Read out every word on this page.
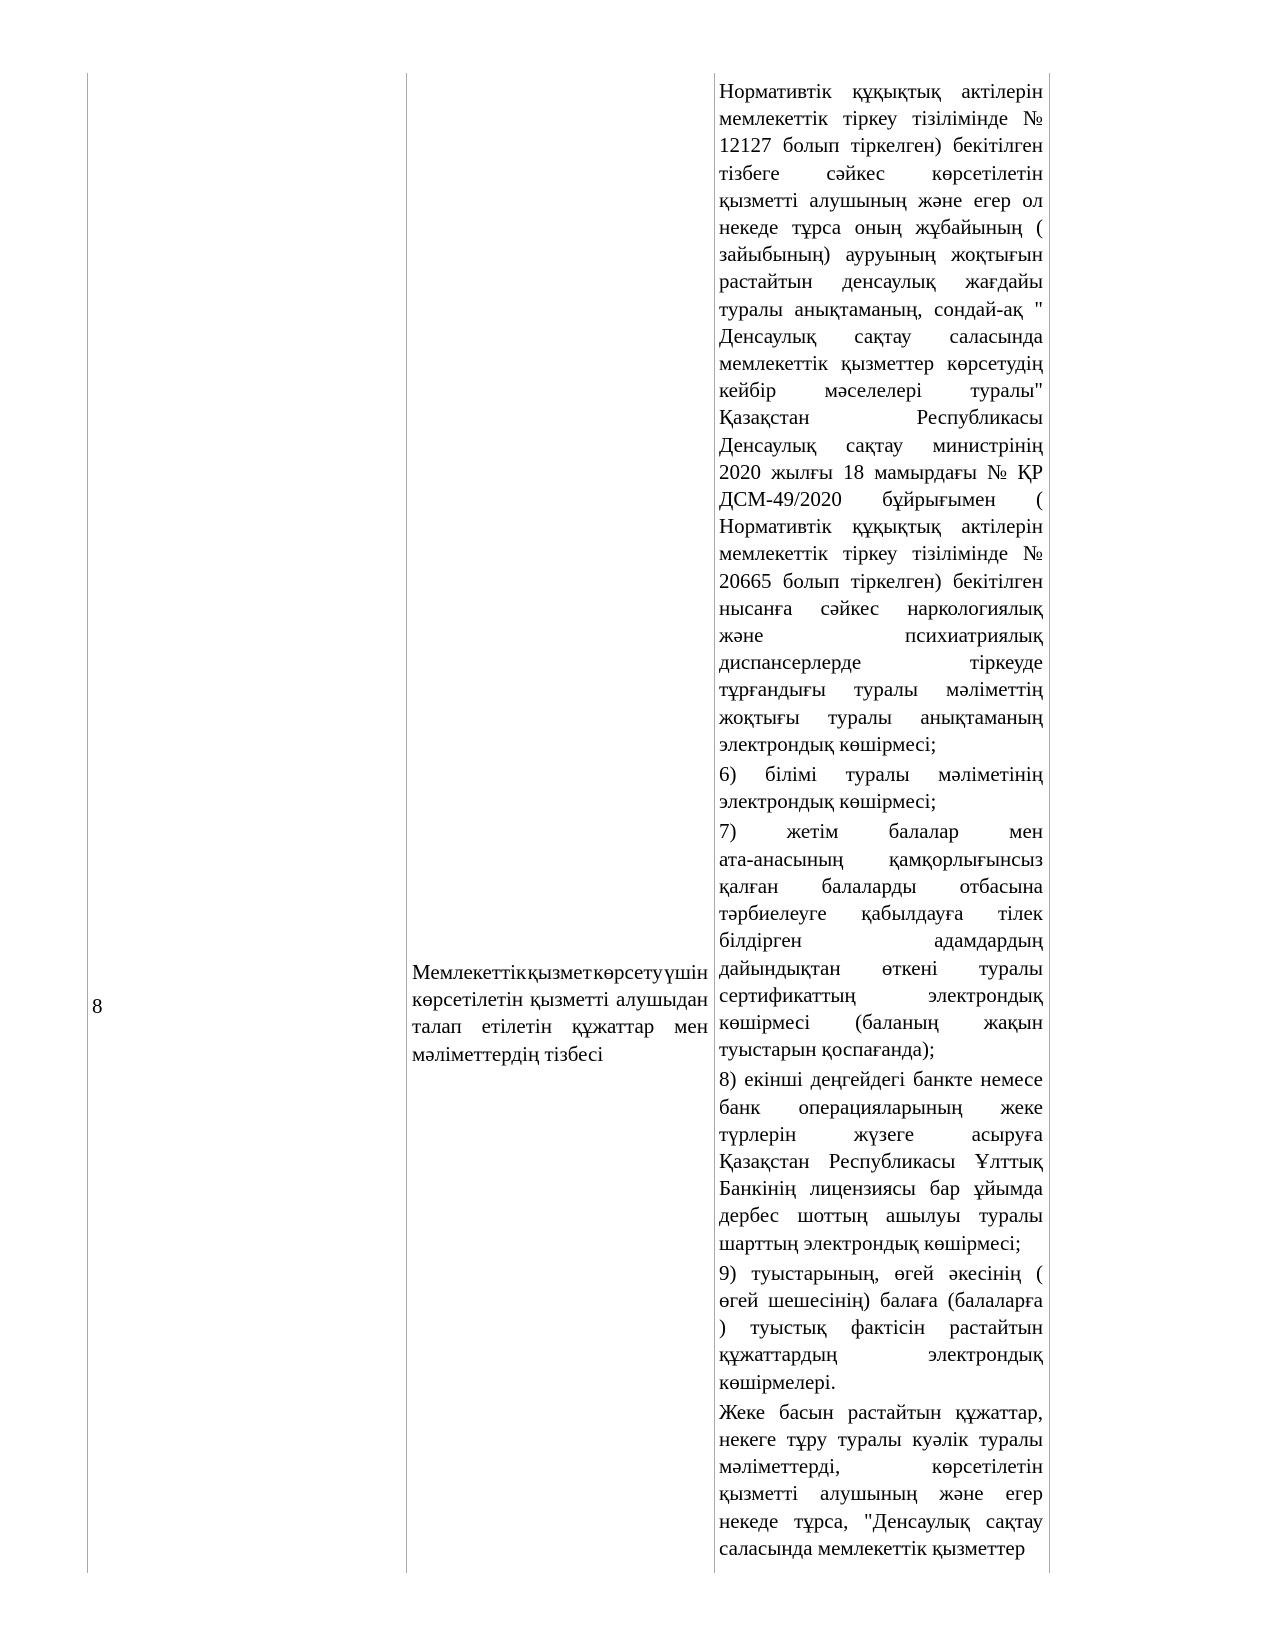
8
Мемлекеттік қызмет көрсету үшін
көрсетілетін қызметті алушыдан
талап етілетін құжаттар мен
мәліметтердің тізбесі
Нормативтік құқықтық актілерін
мемлекеттік тіркеу тізілімінде №
12127 болып тіркелген) бекітілген
тізбеге сәйкес көрсетілетін
қызметті алушының және егер ол
некеде тұрса оның жұбайының (
зайыбының) ауруының жоқтығын
растайтын денсаулық жағдайы
туралы анықтаманың, сондай-ақ "
Денсаулық сақтау саласында
мемлекеттік қызметтер көрсетудің
кейбір мәселелері туралы"
Қазақстан Республикасы
Денсаулық сақтау министрінің
2020 жылғы 18 мамырдағы № ҚР
ДСМ-49/2020 бұйрығымен (
Нормативтік құқықтық актілерін
мемлекеттік тіркеу тізілімінде №
20665 болып тіркелген) бекітілген
нысанға сәйкес наркологиялық
және психиатриялық
диспансерлерде тіркеуде
тұрғандығы туралы мәліметтің
жоқтығы туралы анықтаманың
электрондық көшірмесі;
6) білімі туралы мәліметінің
электрондық көшірмесі;
7) жетім балалар мен
ата-анасының қамқорлығынсыз
қалған балаларды отбасына
тәрбиелеуге қабылдауға тілек
білдірген адамдардың
дайындықтан өткені туралы
сертификаттың электрондық
көшірмесі (баланың жақын
туыстарын қоспағанда);
8) екінші деңгейдегі банкте немесе
банк операцияларының жеке
түрлерін жүзеге асыруға
Қазақстан Республикасы Ұлттық
Банкінің лицензиясы бар ұйымда
дербес шоттың ашылуы туралы
шарттың электрондық көшірмесі;
9) туыстарының, өгей әкесінің (
өгей шешесінің) балаға (балаларға
) туыстық фактісін растайтын
құжаттардың электрондық
көшірмелері.
Жеке басын растайтын құжаттар,
некеге тұру туралы куәлік туралы
мәліметтерді, көрсетілетін
қызметті алушының және егер
некеде тұрса, "Денсаулық сақтау
саласында мемлекеттік қызметтер
